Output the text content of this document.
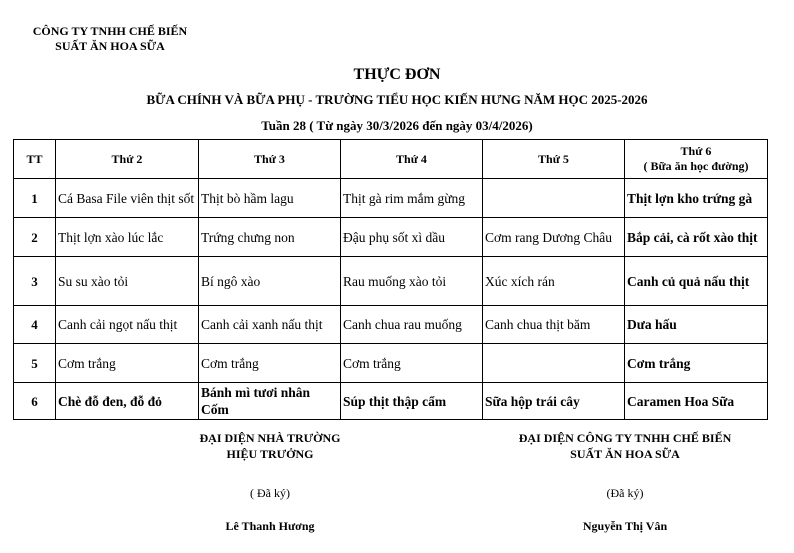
CÔNG TY TNHH CHẾ BIẾN
SUẤT ĂN HOA SỮA
THỰC ĐƠN
BỮA CHÍNH VÀ BỮA PHỤ - TRƯỜNG TIỂU HỌC KIẾN HƯNG NĂM HỌC 2025-2026
Tuần 28 ( Từ ngày 30/3/2026 đến ngày 03/4/2026)
TT	Thứ 2	Thứ 3	Thứ 4	Thứ 5	Thứ 6
( Bữa ăn học đường)

1	Cá Basa File viên thịt sốt	Thịt bò hầm lagu	Thịt gà rim mắm gừng		Thịt lợn kho trứng gà
2	Thịt lợn xào lúc lắc	Trứng chưng non	Đậu phụ sốt xì dầu	Cơm rang Dương Châu	Bắp cải, cà rốt xào thịt
3	Su su xào tỏi	Bí ngô xào	Rau muống xào tỏi	Xúc xích rán	Canh củ quả nấu thịt
4	Canh cải ngọt nấu thịt	Canh cải xanh nấu thịt	Canh chua rau muống	Canh chua thịt băm	Dưa hấu
5	Cơm trắng	Cơm trắng	Cơm trắng		Cơm trắng
6	Chè đỗ đen, đỗ đỏ	Bánh mì tươi nhân Cốm	Súp thịt thập cẩm	Sữa hộp trái cây	Caramen Hoa Sữa
ĐẠI DIỆN NHÀ TRƯỜNG
HIỆU TRƯỞNG
( Đã ký)
Lê Thanh Hương
ĐẠI DIỆN CÔNG TY TNHH CHẾ BIẾN
SUẤT ĂN HOA SỮA
(Đã ký)
Nguyễn Thị Vân
